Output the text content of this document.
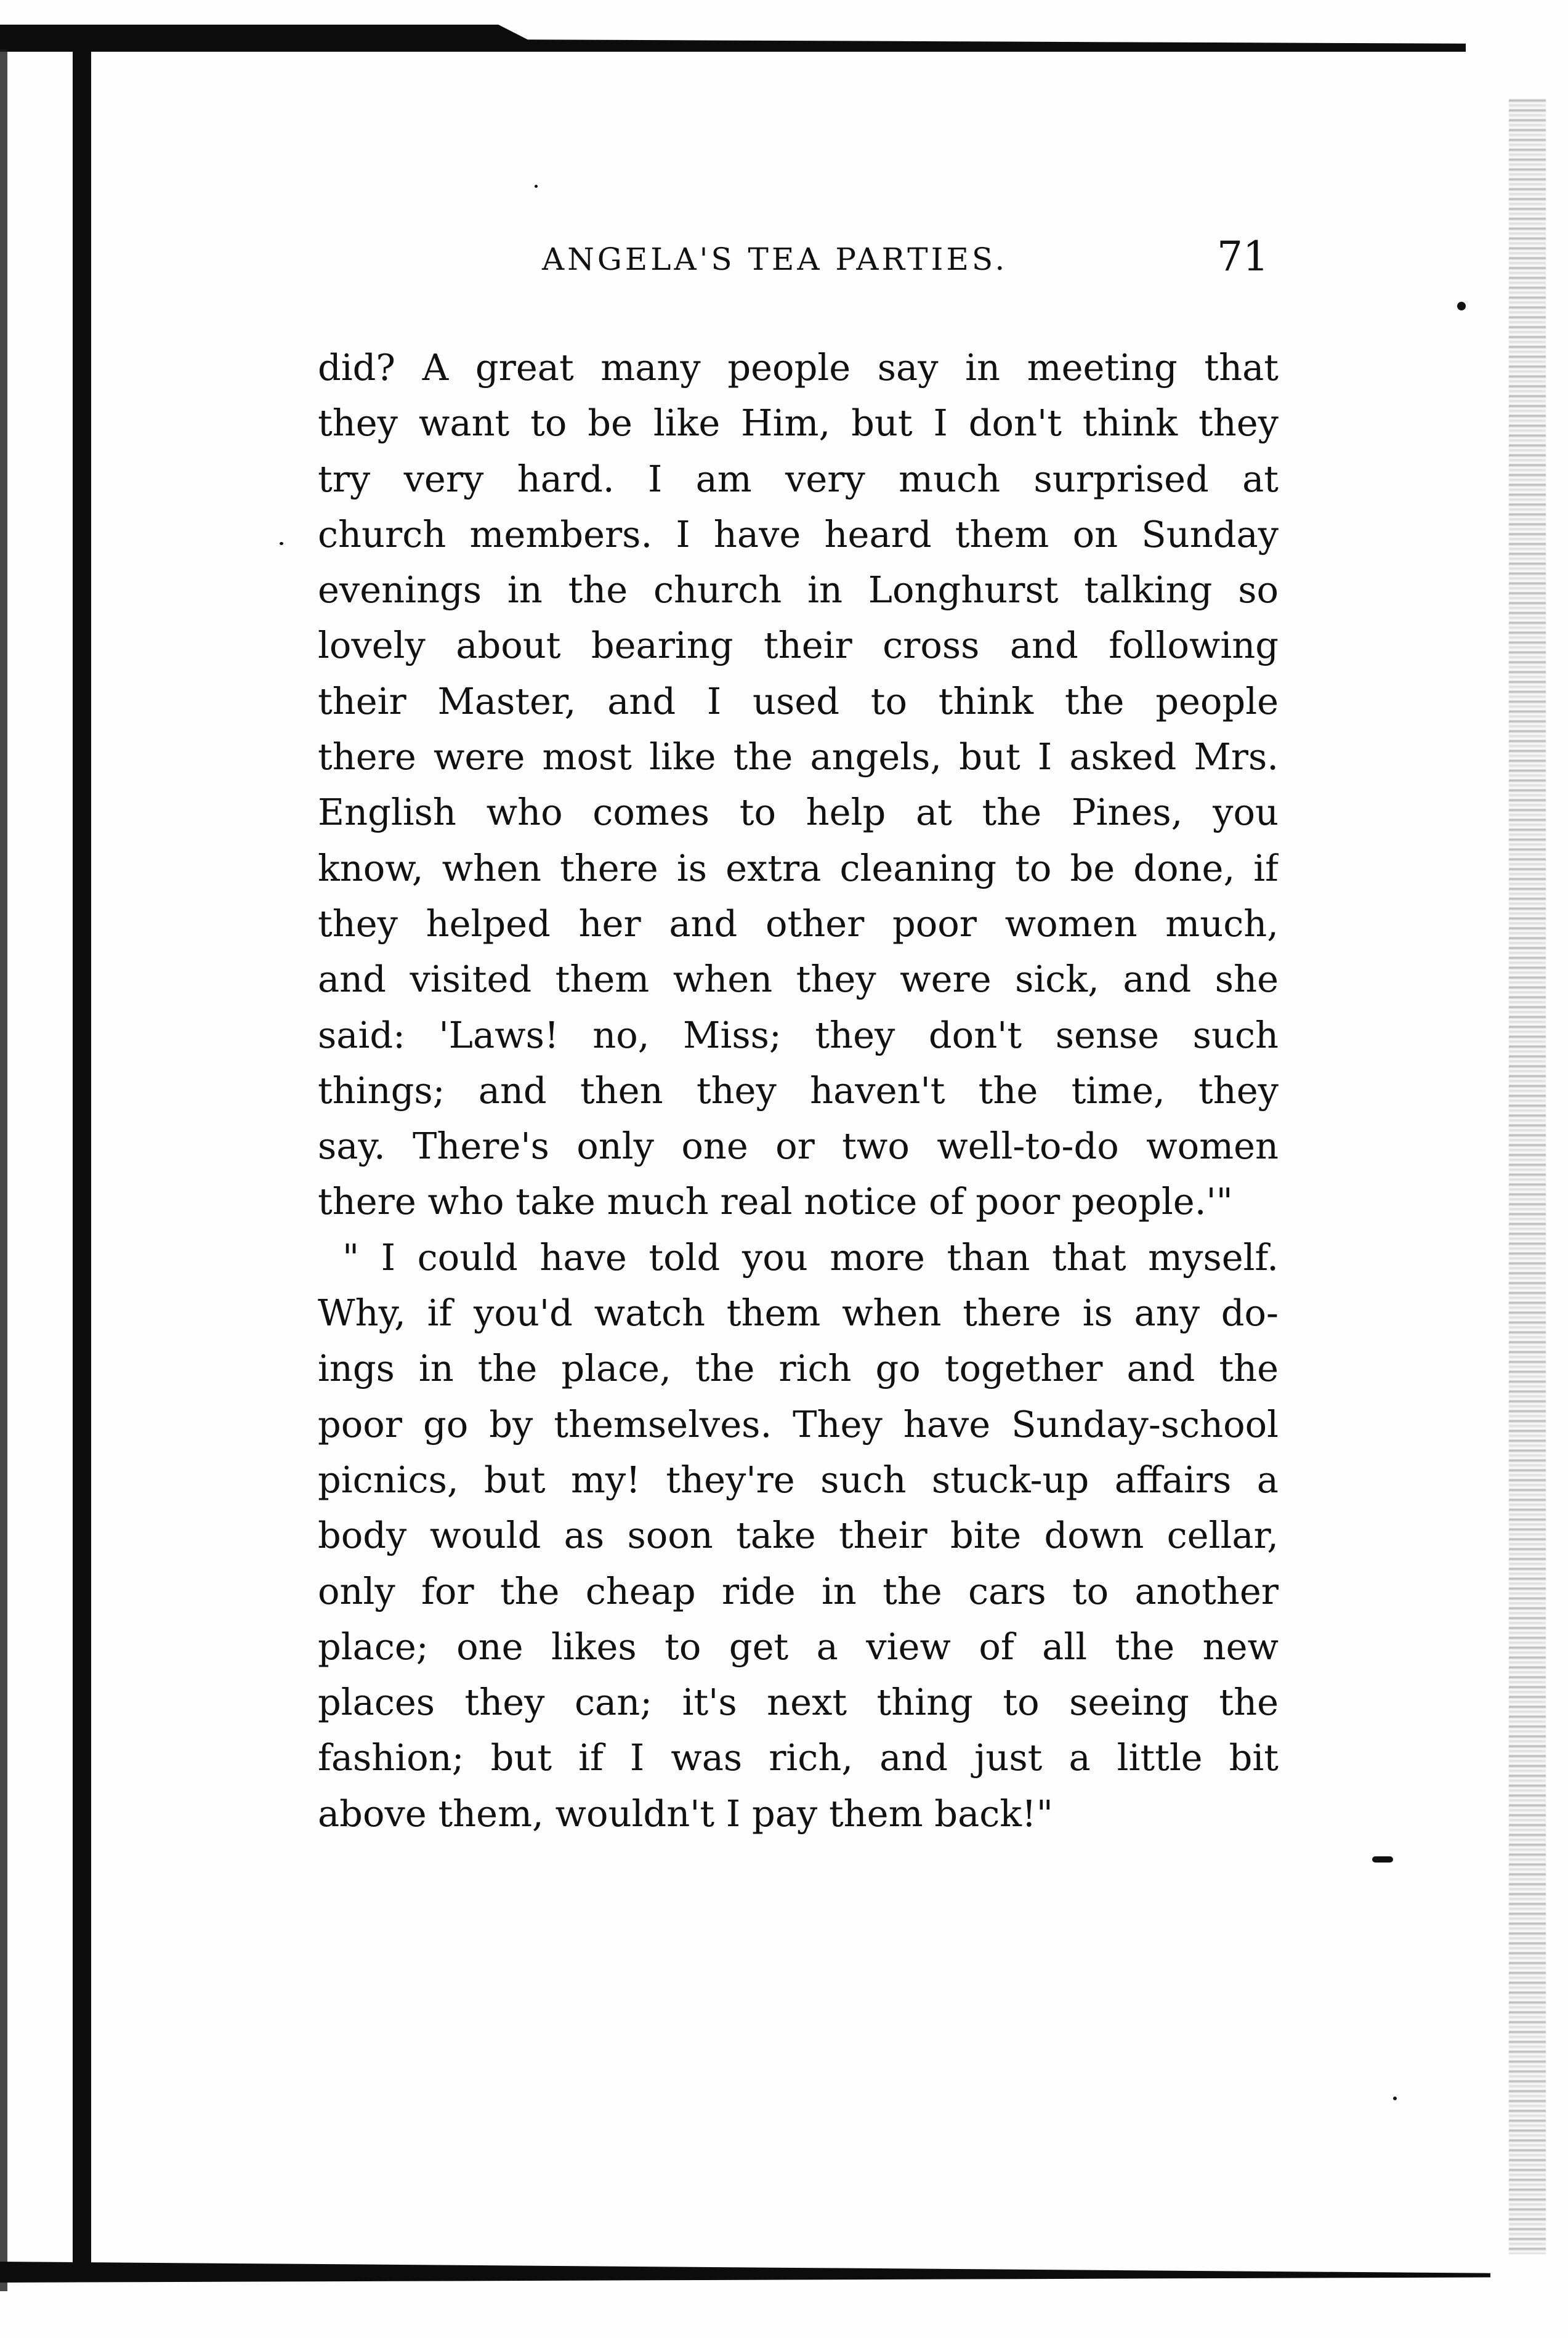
ANGELA'S TEA PARTIES.	71
did? A great many people say in meeting that
they want to be like Him, but I don't think they
try very hard. I am very much surprised at
church members. I have heard them on Sunday
evenings in the church in Longhurst talking so
lovely about bearing their cross and following
their Master, and I used to think the people
there were most like the angels, but I asked Mrs.
English who comes to help at the Pines, you
know, when there is extra cleaning to be done, if
they helped her and other poor women much,
and visited them when they were sick, and she
said: 'Laws! no, Miss; they don't sense such
things; and then they haven't the time, they
say. There's only one or two well-to-do women
there who take much real notice of poor people.'"
" I could have told you more than that myself.
Why, if you'd watch them when there is any do-
ings in the place, the rich go together and the
poor go by themselves. They have Sunday-school
picnics, but my! they're such stuck-up affairs a
body would as soon take their bite down cellar,
only for the cheap ride in the cars to another
place; one likes to get a view of all the new
places they can; it's next thing to seeing the
fashion; but if I was rich, and just a little bit
above them, wouldn't I pay them back!"
